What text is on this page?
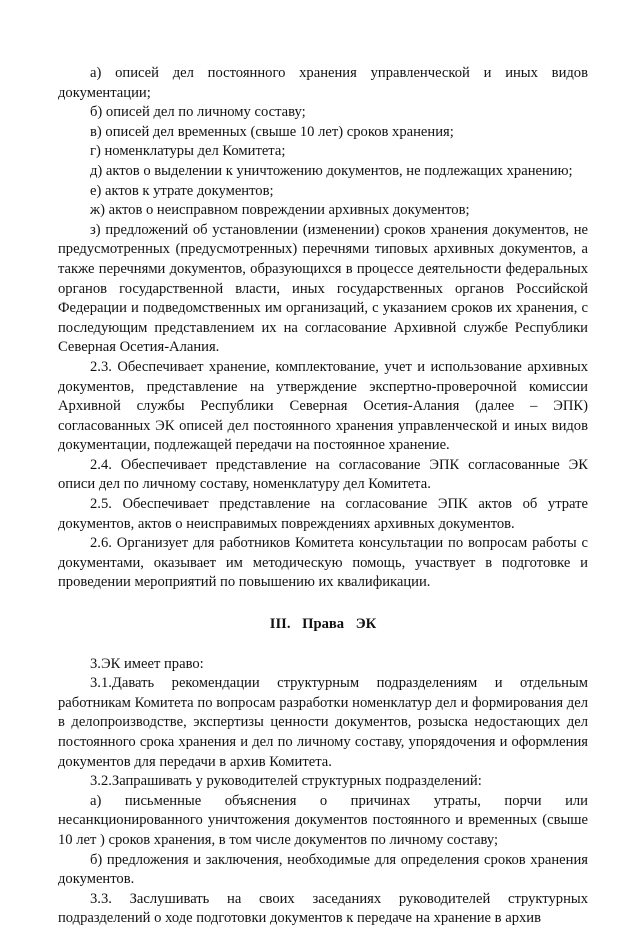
а) описей дел постоянного хранения управленческой и иных видов документации;

б) описей дел по личному составу;

в) описей дел временных (свыше 10 лет) сроков хранения;

г) номенклатуры дел Комитета;

д) актов о выделении к уничтожению документов, не подлежащих хранению;

е) актов к утрате документов;

ж) актов о неисправном повреждении архивных документов;

з) предложений об установлении (изменении) сроков хранения документов, не предусмотренных (предусмотренных) перечнями типовых архивных документов, а также перечнями документов, образующихся в процессе деятельности федеральных органов государственной власти, иных государственных органов Российской Федерации и подведомственных им организаций, с указанием сроков их хранения, с последующим представлением их на согласование Архивной службе Республики Северная Осетия-Алания.

2.3. Обеспечивает хранение, комплектование, учет и использование архивных документов, представление на утверждение экспертно-проверочной комиссии Архивной службы Республики Северная Осетия-Алания (далее – ЭПК) согласованных ЭК описей дел постоянного хранения управленческой и иных видов документации, подлежащей передачи на постоянное хранение.

2.4. Обеспечивает представление на согласование ЭПК согласованные ЭК описи дел по личному составу, номенклатуру дел Комитета.

2.5. Обеспечивает представление на согласование ЭПК актов об утрате документов, актов о неисправимых повреждениях архивных документов.

2.6. Организует для работников Комитета консультации по вопросам работы с документами, оказывает им методическую помощь, участвует в подготовке и проведении мероприятий по повышению их квалификации.

III. Права ЭК

3.ЭК имеет право:

3.1.Давать рекомендации структурным подразделениям и отдельным работникам Комитета по вопросам разработки номенклатур дел и формирования дел в делопроизводстве, экспертизы ценности документов, розыска недостающих дел постоянного срока хранения и дел по личному составу, упорядочения и оформления документов для передачи в архив Комитета.

3.2.Запрашивать у руководителей структурных подразделений:

а) письменные объяснения о причинах утраты, порчи или несанкционированного уничтожения документов постоянного и временных (свыше 10 лет ) сроков хранения, в том числе документов по личному составу;

б) предложения и заключения, необходимые для определения сроков хранения документов.

3.3. Заслушивать на своих заседаниях руководителей структурных подразделений о ходе подготовки документов к передаче на хранение в архив
